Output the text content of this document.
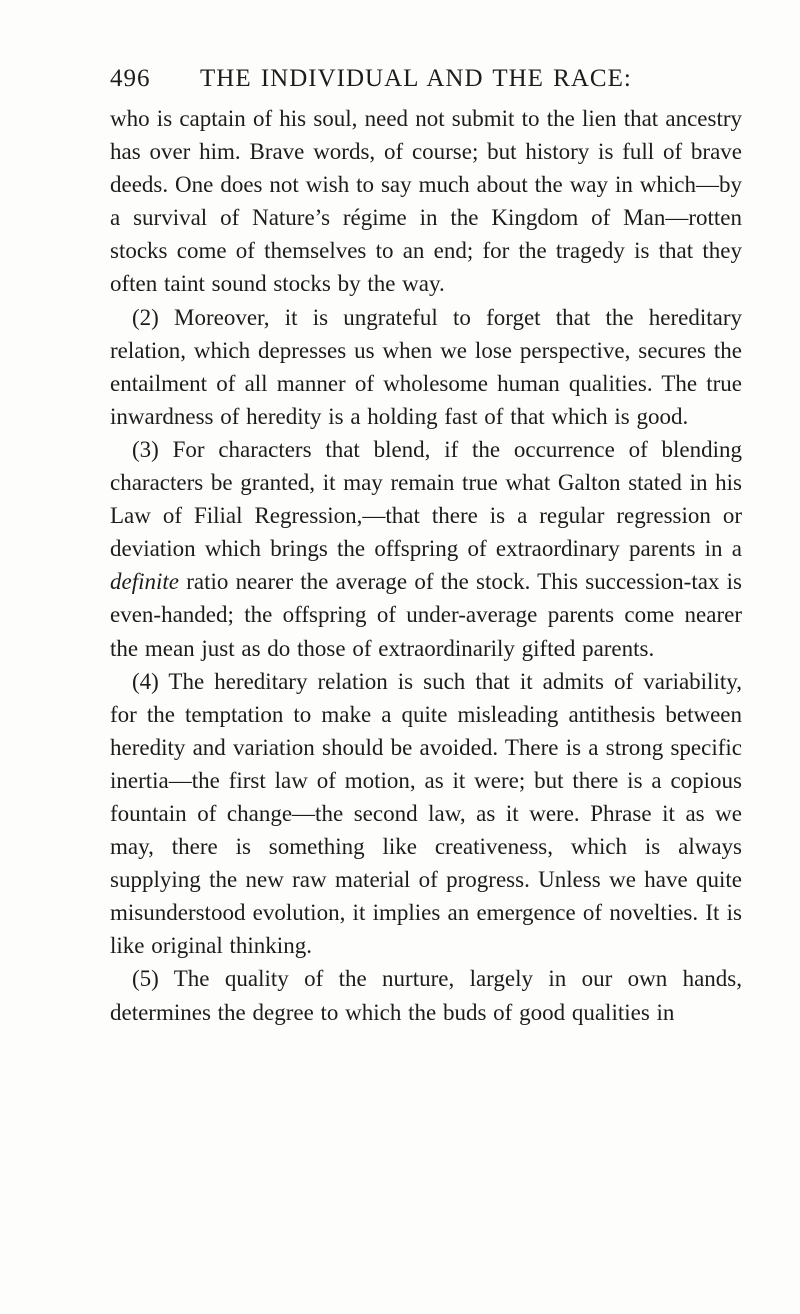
496 THE INDIVIDUAL AND THE RACE:

who is captain of his soul, need not submit to the lien that ancestry has over him. Brave words, of course; but history is full of brave deeds. One does not wish to say much about the way in which—by a survival of Nature’s régime in the Kingdom of Man—rotten stocks come of themselves to an end; for the tragedy is that they often taint sound stocks by the way.

(2) Moreover, it is ungrateful to forget that the hereditary relation, which depresses us when we lose perspective, secures the entailment of all manner of wholesome human qualities. The true inwardness of heredity is a holding fast of that which is good.

(3) For characters that blend, if the occurrence of blending characters be granted, it may remain true what Galton stated in his Law of Filial Regression,—that there is a regular regression or deviation which brings the offspring of extraordinary parents in a definite ratio nearer the average of the stock. This succession-tax is even-handed; the offspring of under-average parents come nearer the mean just as do those of extraordinarily gifted parents.

(4) The hereditary relation is such that it admits of variability, for the temptation to make a quite misleading antithesis between heredity and variation should be avoided. There is a strong specific inertia—the first law of motion, as it were; but there is a copious fountain of change—the second law, as it were. Phrase it as we may, there is something like creativeness, which is always supplying the new raw material of progress. Unless we have quite misunderstood evolution, it implies an emergence of novelties. It is like original thinking.

(5) The quality of the nurture, largely in our own hands, determines the degree to which the buds of good qualities in
